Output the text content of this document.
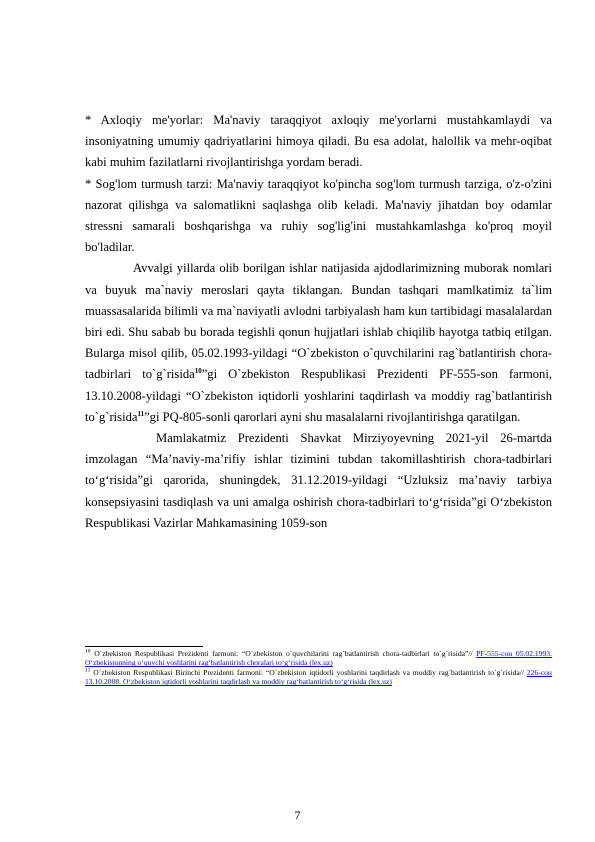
* Axloqiy me'yorlar: Ma'naviy taraqqiyot axloqiy me'yorlarni mustahkamlaydi va insoniyatning umumiy qadriyatlarini himoya qiladi. Bu esa adolat, halollik va mehr-oqibat kabi muhim fazilatlarni rivojlantirishga yordam beradi.

* Sog'lom turmush tarzi: Ma'naviy taraqqiyot ko'pincha sog'lom turmush tarziga, o'z-o'zini nazorat qilishga va salomatlikni saqlashga olib keladi. Ma'naviy jihatdan boy odamlar stressni samarali boshqarishga va ruhiy sog'lig'ini mustahkamlashga ko'proq moyil bo'ladilar.

Avvalgi yillarda olib borilgan ishlar natijasida ajdodlarimizning muborak nomlari va buyuk ma`naviy meroslari qayta tiklangan. Bundan tashqari mamlkatimiz ta`lim muassasalarida bilimli va ma`naviyatli avlodni tarbiyalash ham kun tartibidagi masalalardan biri edi. Shu sabab bu borada tegishli qonun hujjatlari ishlab chiqilib hayotga tatbiq etilgan. Bularga misol qilib, 05.02.1993-yildagi “O`zbekiston o`quvchilarini rag`batlantirish chora-tadbirlari to`g`risida$^{10}$”gi O`zbekiston Respublikasi Prezidenti PF-555-son farmoni, 13.10.2008-yildagi “O`zbekiston iqtidorli yoshlarini taqdirlash va moddiy rag`batlantirish to`g`risida$^{11}$”gi PQ-805-sonli qarorlari ayni shu masalalarni rivojlantirishga qaratilgan.

Mamlakatmiz Prezidenti Shavkat Mirziyoyevning 2021-yil 26-martda imzolagan “Ma’naviy-ma’rifiy ishlar tizimini tubdan takomillashtirish chora-tadbirlari to‘g‘risida”gi qarorida, shuningdek, 31.12.2019-yildagi “Uzluksiz ma’naviy tarbiya konsepsiyasini tasdiqlash va uni amalga oshirish chora-tadbirlari to‘g‘risida”gi O‘zbekiston Respublikasi Vazirlar Mahkamasining 1059-son

$^{10}$ O`zbekiston Respublikasi Prezidenti farmoni: “O`zbekiston o`quvchilarini rag`batlantirish chora-tadbirlari to`g`risida”// PF-555-сон 05.02.1993. O‘zbekistonning o‘quvchi yoshlarini rag‘batlantirish choralari to‘g‘risida (lex.uz)

$^{11}$ O`zbekiston Respublikasi Birinchi Prezidenti farmoni: “O`zbekiston iqtidorli yoshlarini taqdirlash va moddiy rag`batlantirish to`g`risida// 226-сон 13.10.2008. O‘zbekiston iqtidorli yoshlarini taqdirlash va moddiy rag‘batlantirish to‘g‘risida (lex.uz)

7
